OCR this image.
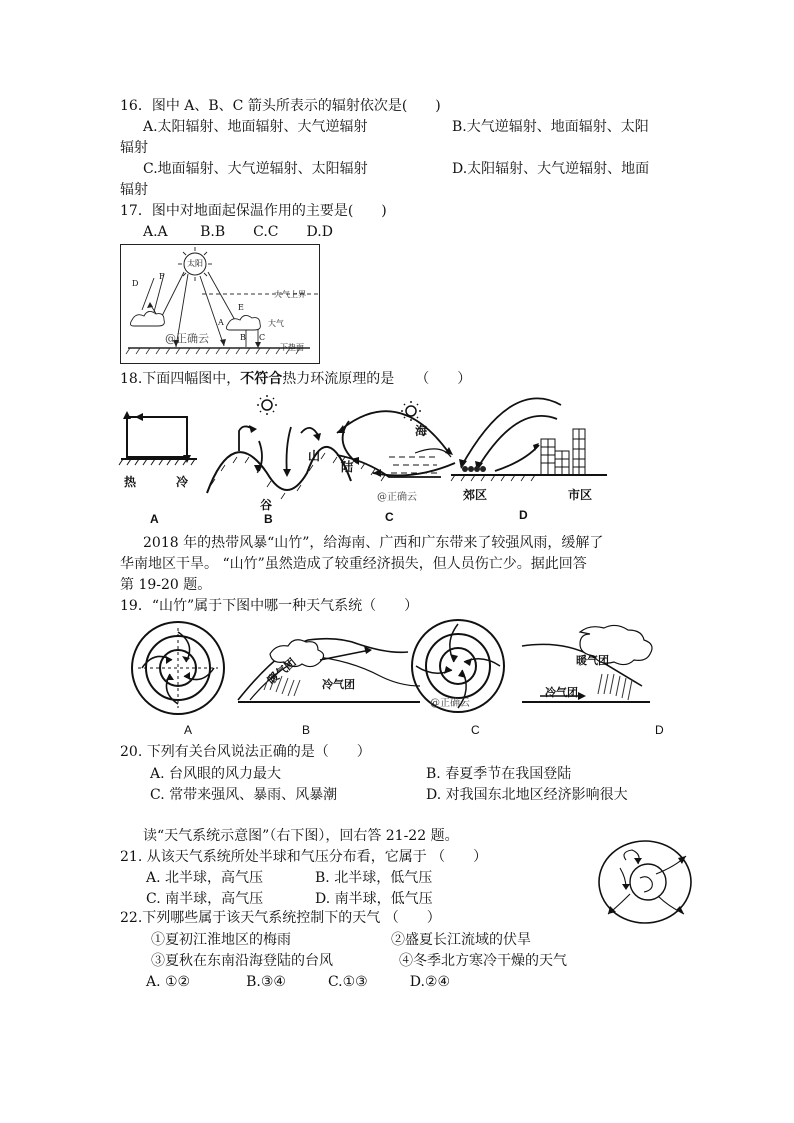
16．图中 A、B、C 箭头所表示的辐射依次是(　　)
A.太阳辐射、地面辐射、大气逆辐射	B.大气逆辐射、地面辐射、太阳
辐射
C.地面辐射、大气逆辐射、太阳辐射	D.太阳辐射、大气逆辐射、地面
辐射
17．图中对地面起保温作用的主要是(　　)
A.A　　 B.B　　C.C　　D.D
太阳
大气上界
大气
下垫面
@正确云
D
F
E
A
B C
18.下面四幅图中，不符合热力环流原理的是　　（　　）
热	冷
A
山
谷
B
陆
海
@正确云
C
郊区	市区
D
2018 年的热带风暴“山竹”，给海南、广西和广东带来了较强风雨，缓解了
华南地区干旱。 “山竹”虽然造成了较重经济损失，但人员伤亡少。据此回答
第 19-20 题。
19．“山竹”属于下图中哪一种天气系统（　　）
暖气团 冷气团
@正确云
暖气团
冷气团
A	B	C	D
20. 下列有关台风说法正确的是（　　）
A. 台风眼的风力最大	B. 春夏季节在我国登陆
C. 常带来强风、暴雨、风暴潮	D. 对我国东北地区经济影响很大
读“天气系统示意图”（右下图），回右答 21-22 题。
21. 从该天气系统所处半球和气压分布看，它属于 （　　）
A. 北半球，高气压	B. 北半球，低气压
C. 南半球，高气压	D. 南半球，低气压
22.下列哪些属于该天气系统控制下的天气 （　　）
①夏初江淮地区的梅雨	②盛夏长江流域的伏旱
③夏秋在东南沿海登陆的台风	④冬季北方寒冷干燥的天气
A. ①②　　　　B.③④　　　C.①③　　　D.②④
